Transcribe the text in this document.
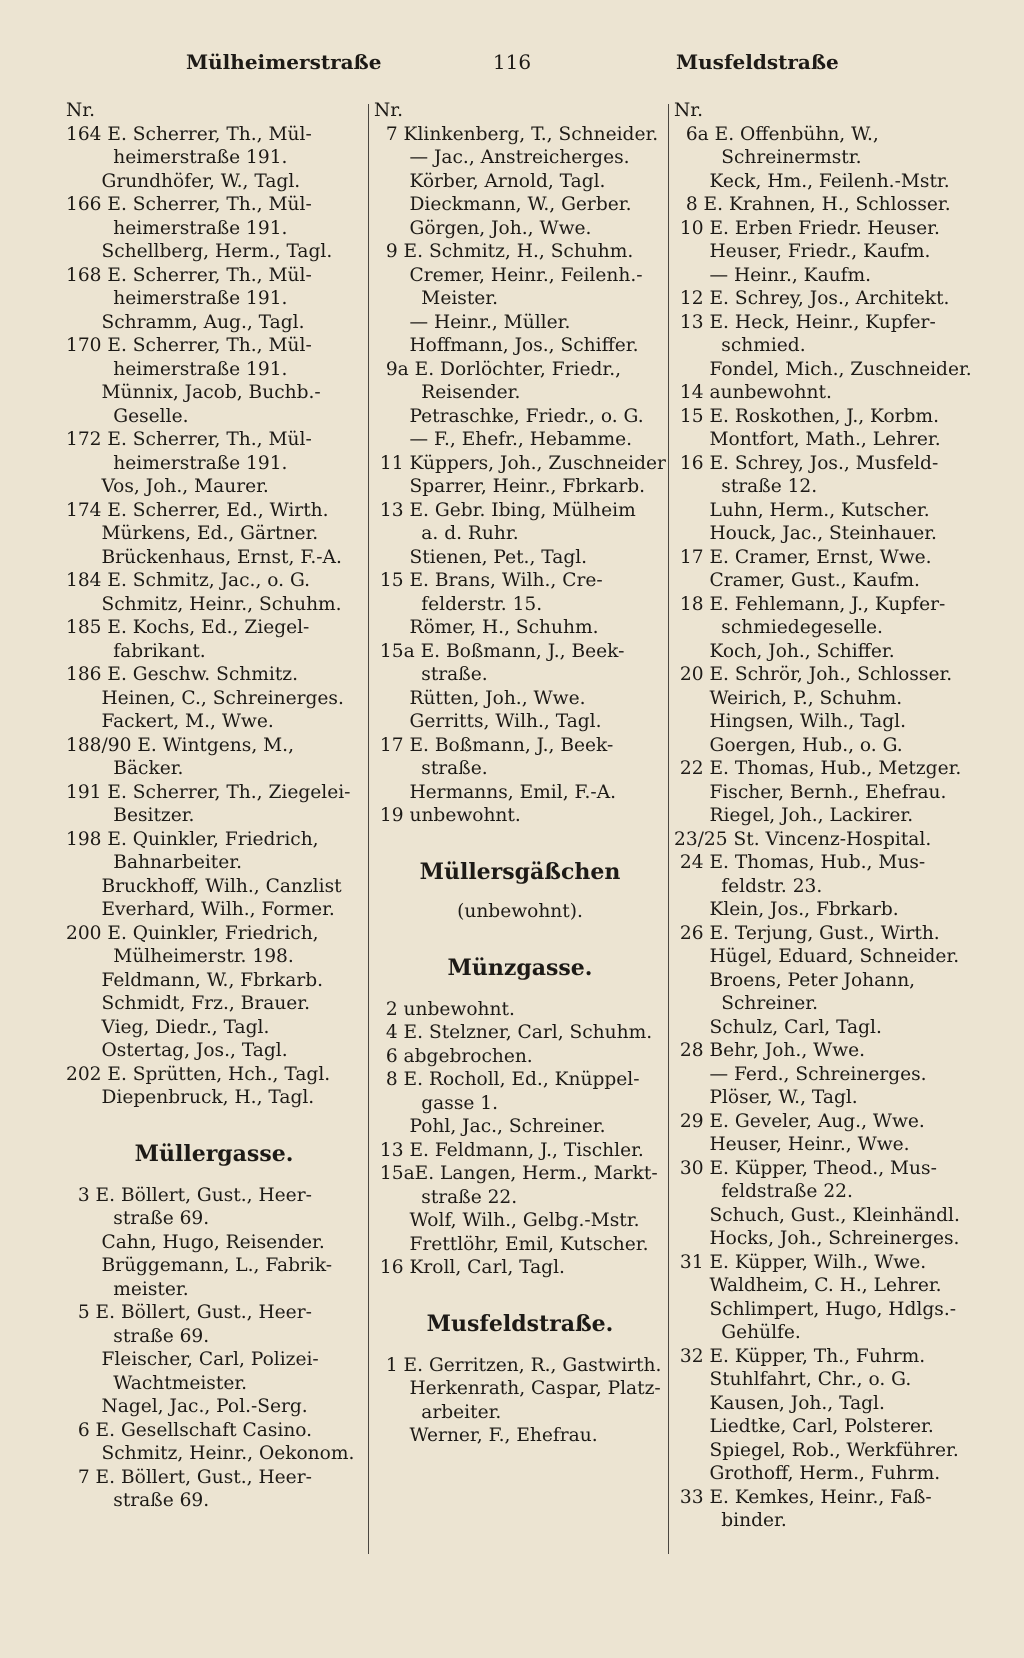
Mülheimerstraße	116	Musfeldstraße
Nr.
164 E. Scherrer, Th., Mül-
heimerstraße 191.
Grundhöfer, W., Tagl.
166 E. Scherrer, Th., Mül-
heimerstraße 191.
Schellberg, Herm., Tagl.
168 E. Scherrer, Th., Mül-
heimerstraße 191.
Schramm, Aug., Tagl.
170 E. Scherrer, Th., Mül-
heimerstraße 191.
Münnix, Jacob, Buchb.-
Geselle.
172 E. Scherrer, Th., Mül-
heimerstraße 191.
Vos, Joh., Maurer.
174 E. Scherrer, Ed., Wirth.
Mürkens, Ed., Gärtner.
Brückenhaus, Ernst, F.-A.
184 E. Schmitz, Jac., o. G.
Schmitz, Heinr., Schuhm.
185 E. Kochs, Ed., Ziegel-
fabrikant.
186 E. Geschw. Schmitz.
Heinen, C., Schreinerges.
Fackert, M., Wwe.
188/90 E. Wintgens, M.,
Bäcker.
191 E. Scherrer, Th., Ziegelei-
Besitzer.
198 E. Quinkler, Friedrich,
Bahnarbeiter.
Bruckhoff, Wilh., Canzlist
Everhard, Wilh., Former.
200 E. Quinkler, Friedrich,
Mülheimerstr. 198.
Feldmann, W., Fbrkarb.
Schmidt, Frz., Brauer.
Vieg, Diedr., Tagl.
Ostertag, Jos., Tagl.
202 E. Sprütten, Hch., Tagl.
Diepenbruck, H., Tagl.
Müllergasse.
3 E. Böllert, Gust., Heer-
straße 69.
Cahn, Hugo, Reisender.
Brüggemann, L., Fabrik-
meister.
5 E. Böllert, Gust., Heer-
straße 69.
Fleischer, Carl, Polizei-
Wachtmeister.
Nagel, Jac., Pol.-Serg.
6 E. Gesellschaft Casino.
Schmitz, Heinr., Oekonom.
7 E. Böllert, Gust., Heer-
straße 69.
Nr.
7 Klinkenberg, T., Schneider.
— Jac., Anstreicherges.
Körber, Arnold, Tagl.
Dieckmann, W., Gerber.
Görgen, Joh., Wwe.
9 E. Schmitz, H., Schuhm.
Cremer, Heinr., Feilenh.-
Meister.
— Heinr., Müller.
Hoffmann, Jos., Schiffer.
9a E. Dorlöchter, Friedr.,
Reisender.
Petraschke, Friedr., o. G.
— F., Ehefr., Hebamme.
11 Küppers, Joh., Zuschneider
Sparrer, Heinr., Fbrkarb.
13 E. Gebr. Ibing, Mülheim
a. d. Ruhr.
Stienen, Pet., Tagl.
15 E. Brans, Wilh., Cre-
felderstr. 15.
Römer, H., Schuhm.
15a E. Boßmann, J., Beek-
straße.
Rütten, Joh., Wwe.
Gerritts, Wilh., Tagl.
17 E. Boßmann, J., Beek-
straße.
Hermanns, Emil, F.-A.
19 unbewohnt.
Müllersgäßchen
(unbewohnt).
Münzgasse.
2 unbewohnt.
4 E. Stelzner, Carl, Schuhm.
6 abgebrochen.
8 E. Rocholl, Ed., Knüppel-
gasse 1.
Pohl, Jac., Schreiner.
13 E. Feldmann, J., Tischler.
15aE. Langen, Herm., Markt-
straße 22.
Wolf, Wilh., Gelbg.-Mstr.
Frettlöhr, Emil, Kutscher.
16 Kroll, Carl, Tagl.
Musfeldstraße.
1 E. Gerritzen, R., Gastwirth.
Herkenrath, Caspar, Platz-
arbeiter.
Werner, F., Ehefrau.
Nr.
6a E. Offenbühn, W.,
Schreinermstr.
Keck, Hm., Feilenh.-Mstr.
8 E. Krahnen, H., Schlosser.
10 E. Erben Friedr. Heuser.
Heuser, Friedr., Kaufm.
— Heinr., Kaufm.
12 E. Schrey, Jos., Architekt.
13 E. Heck, Heinr., Kupfer-
schmied.
Fondel, Mich., Zuschneider.
14 aunbewohnt.
15 E. Roskothen, J., Korbm.
Montfort, Math., Lehrer.
16 E. Schrey, Jos., Musfeld-
straße 12.
Luhn, Herm., Kutscher.
Houck, Jac., Steinhauer.
17 E. Cramer, Ernst, Wwe.
Cramer, Gust., Kaufm.
18 E. Fehlemann, J., Kupfer-
schmiedegeselle.
Koch, Joh., Schiffer.
20 E. Schrör, Joh., Schlosser.
Weirich, P., Schuhm.
Hingsen, Wilh., Tagl.
Goergen, Hub., o. G.
22 E. Thomas, Hub., Metzger.
Fischer, Bernh., Ehefrau.
Riegel, Joh., Lackirer.
23/25 St. Vincenz-Hospital.
24 E. Thomas, Hub., Mus-
feldstr. 23.
Klein, Jos., Fbrkarb.
26 E. Terjung, Gust., Wirth.
Hügel, Eduard, Schneider.
Broens, Peter Johann,
Schreiner.
Schulz, Carl, Tagl.
28 Behr, Joh., Wwe.
— Ferd., Schreinerges.
Plöser, W., Tagl.
29 E. Geveler, Aug., Wwe.
Heuser, Heinr., Wwe.
30 E. Küpper, Theod., Mus-
feldstraße 22.
Schuch, Gust., Kleinhändl.
Hocks, Joh., Schreinerges.
31 E. Küpper, Wilh., Wwe.
Waldheim, C. H., Lehrer.
Schlimpert, Hugo, Hdlgs.-
Gehülfe.
32 E. Küpper, Th., Fuhrm.
Stuhlfahrt, Chr., o. G.
Kausen, Joh., Tagl.
Liedtke, Carl, Polsterer.
Spiegel, Rob., Werkführer.
Grothoff, Herm., Fuhrm.
33 E. Kemkes, Heinr., Faß-
binder.
